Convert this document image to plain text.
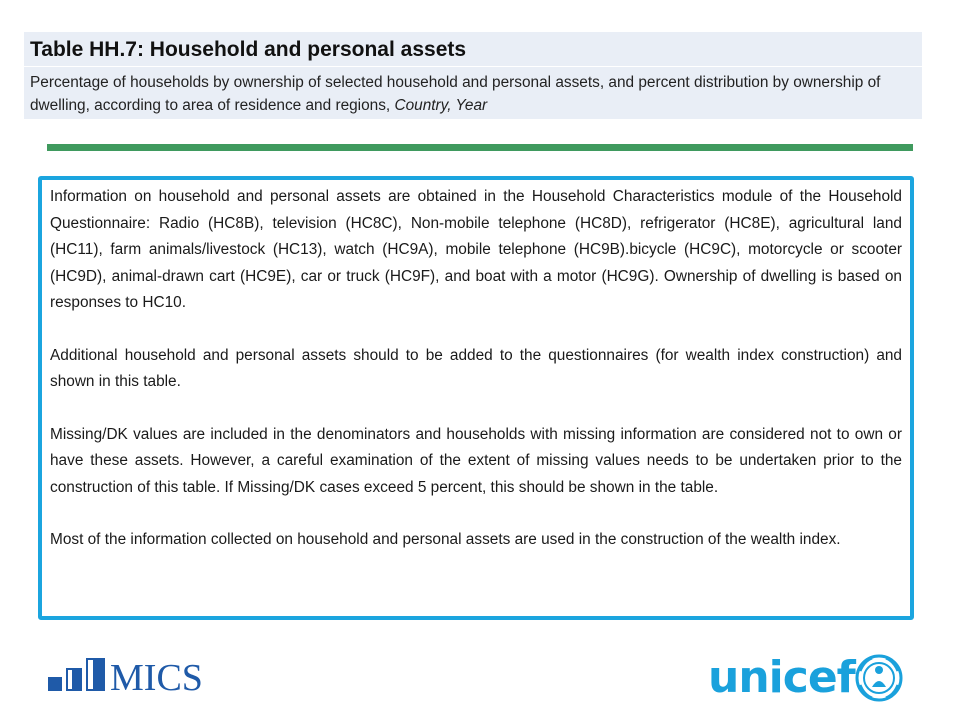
Table HH.7: Household and personal assets

Percentage of households by ownership of selected household and personal assets, and percent distribution by ownership of dwelling, according to area of residence and regions, Country, Year

Information on household and personal assets are obtained in the Household Characteristics module of the Household Questionnaire: Radio (HC8B), television (HC8C), Non-mobile telephone (HC8D), refrigerator (HC8E), agricultural land (HC11), farm animals/livestock (HC13), watch (HC9A), mobile telephone (HC9B).bicycle (HC9C), motorcycle or scooter (HC9D), animal-drawn cart (HC9E), car or truck (HC9F), and boat with a motor (HC9G). Ownership of dwelling is based on responses to HC10.

Additional household and personal assets should to be added to the questionnaires (for wealth index construction) and shown in this table.

Missing/DK values are included in the denominators and households with missing information are considered not to own or have these assets. However, a careful examination of the extent of missing values needs to be undertaken prior to the construction of this table. If Missing/DK cases exceed 5 percent, this should be shown in the table.

Most of the information collected on household and personal assets are used in the construction of the wealth index.

MICS	unicef
